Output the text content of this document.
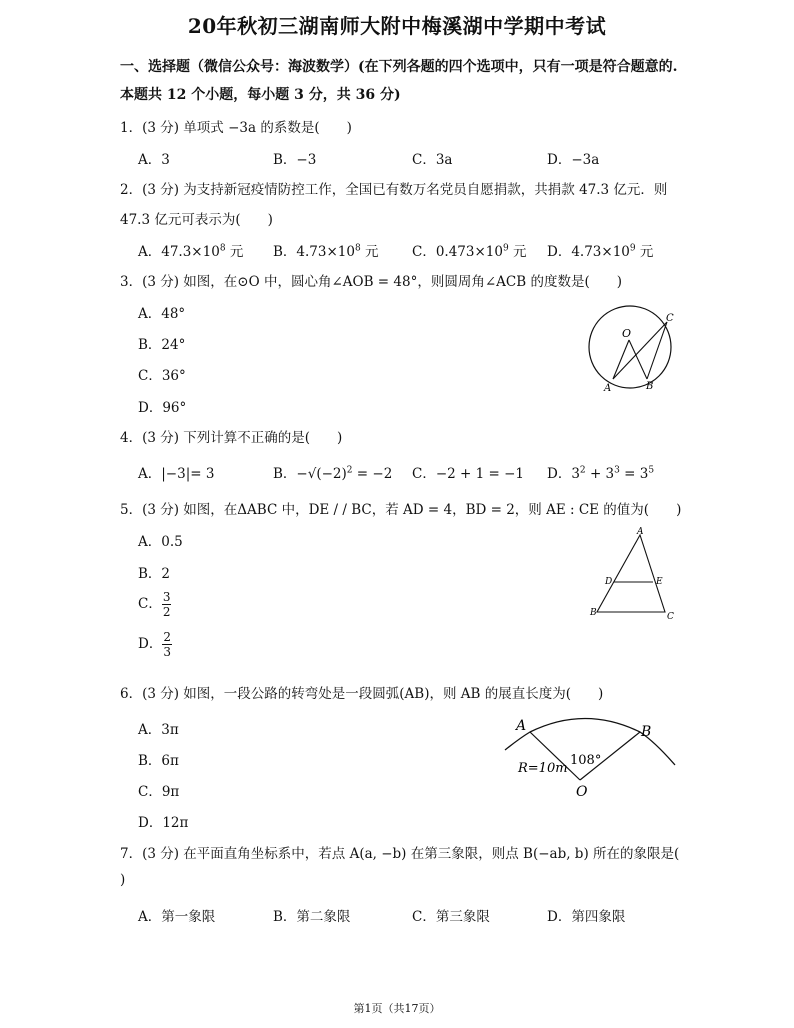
20年秋初三湖南师大附中梅溪湖中学期中考试
一、选择题（微信公众号：海波数学）(在下列各题的四个选项中，只有一项是符合题意的.
本题共 12 个小题，每小题 3 分，共 36 分)
1．(3 分) 单项式 −3a 的系数是(　　)
A．3	B．−3	C．3a	D．−3a
2．(3 分) 为支持新冠疫情防控工作，全国已有数万名党员自愿捐款，共捐款 47.3 亿元．则
47.3 亿元可表示为(　　)
A．$47.3\times 10^8$ 元 B．$4.73\times 10^8$ 元 C．$0.473\times 10^9$ 元 D．$4.73\times 10^9$ 元
3．(3 分) 如图，在⊙O 中，圆心角∠AOB = 48°，则圆周角∠ACB 的度数是(　　)
A．48°
B．24°
C．36°
D．96°
O
A	B
C
4．(3 分) 下列计算不正确的是(　　)
A．|−3|= 3	B．$-√(-2)^2 = -2$ C．−2 + 1 = −1 D．$3^2 + 3^3 = 3^5$
5．(3 分) 如图，在ΔABC 中，DE / / BC，若 AD = 4，BD = 2，则 AE : CE 的值为(　　)
A．0.5
B．2
C． $\frac{3}{2}$
D． $\frac{2}{3}$
A
D	E
B	C
6．(3 分) 如图，一段公路的转弯处是一段圆弧(AB)，则 AB 的展直长度为(　　)
A．3π
B．6π
C．9π
D．12π
A	B
R=10m
108°
O
7．(3 分) 在平面直角坐标系中，若点 A(a, −b) 在第三象限，则点 B(−ab, b) 所在的象限是(
)
A．第一象限	B．第二象限	C．第三象限	D．第四象限
第1页（共17页）
